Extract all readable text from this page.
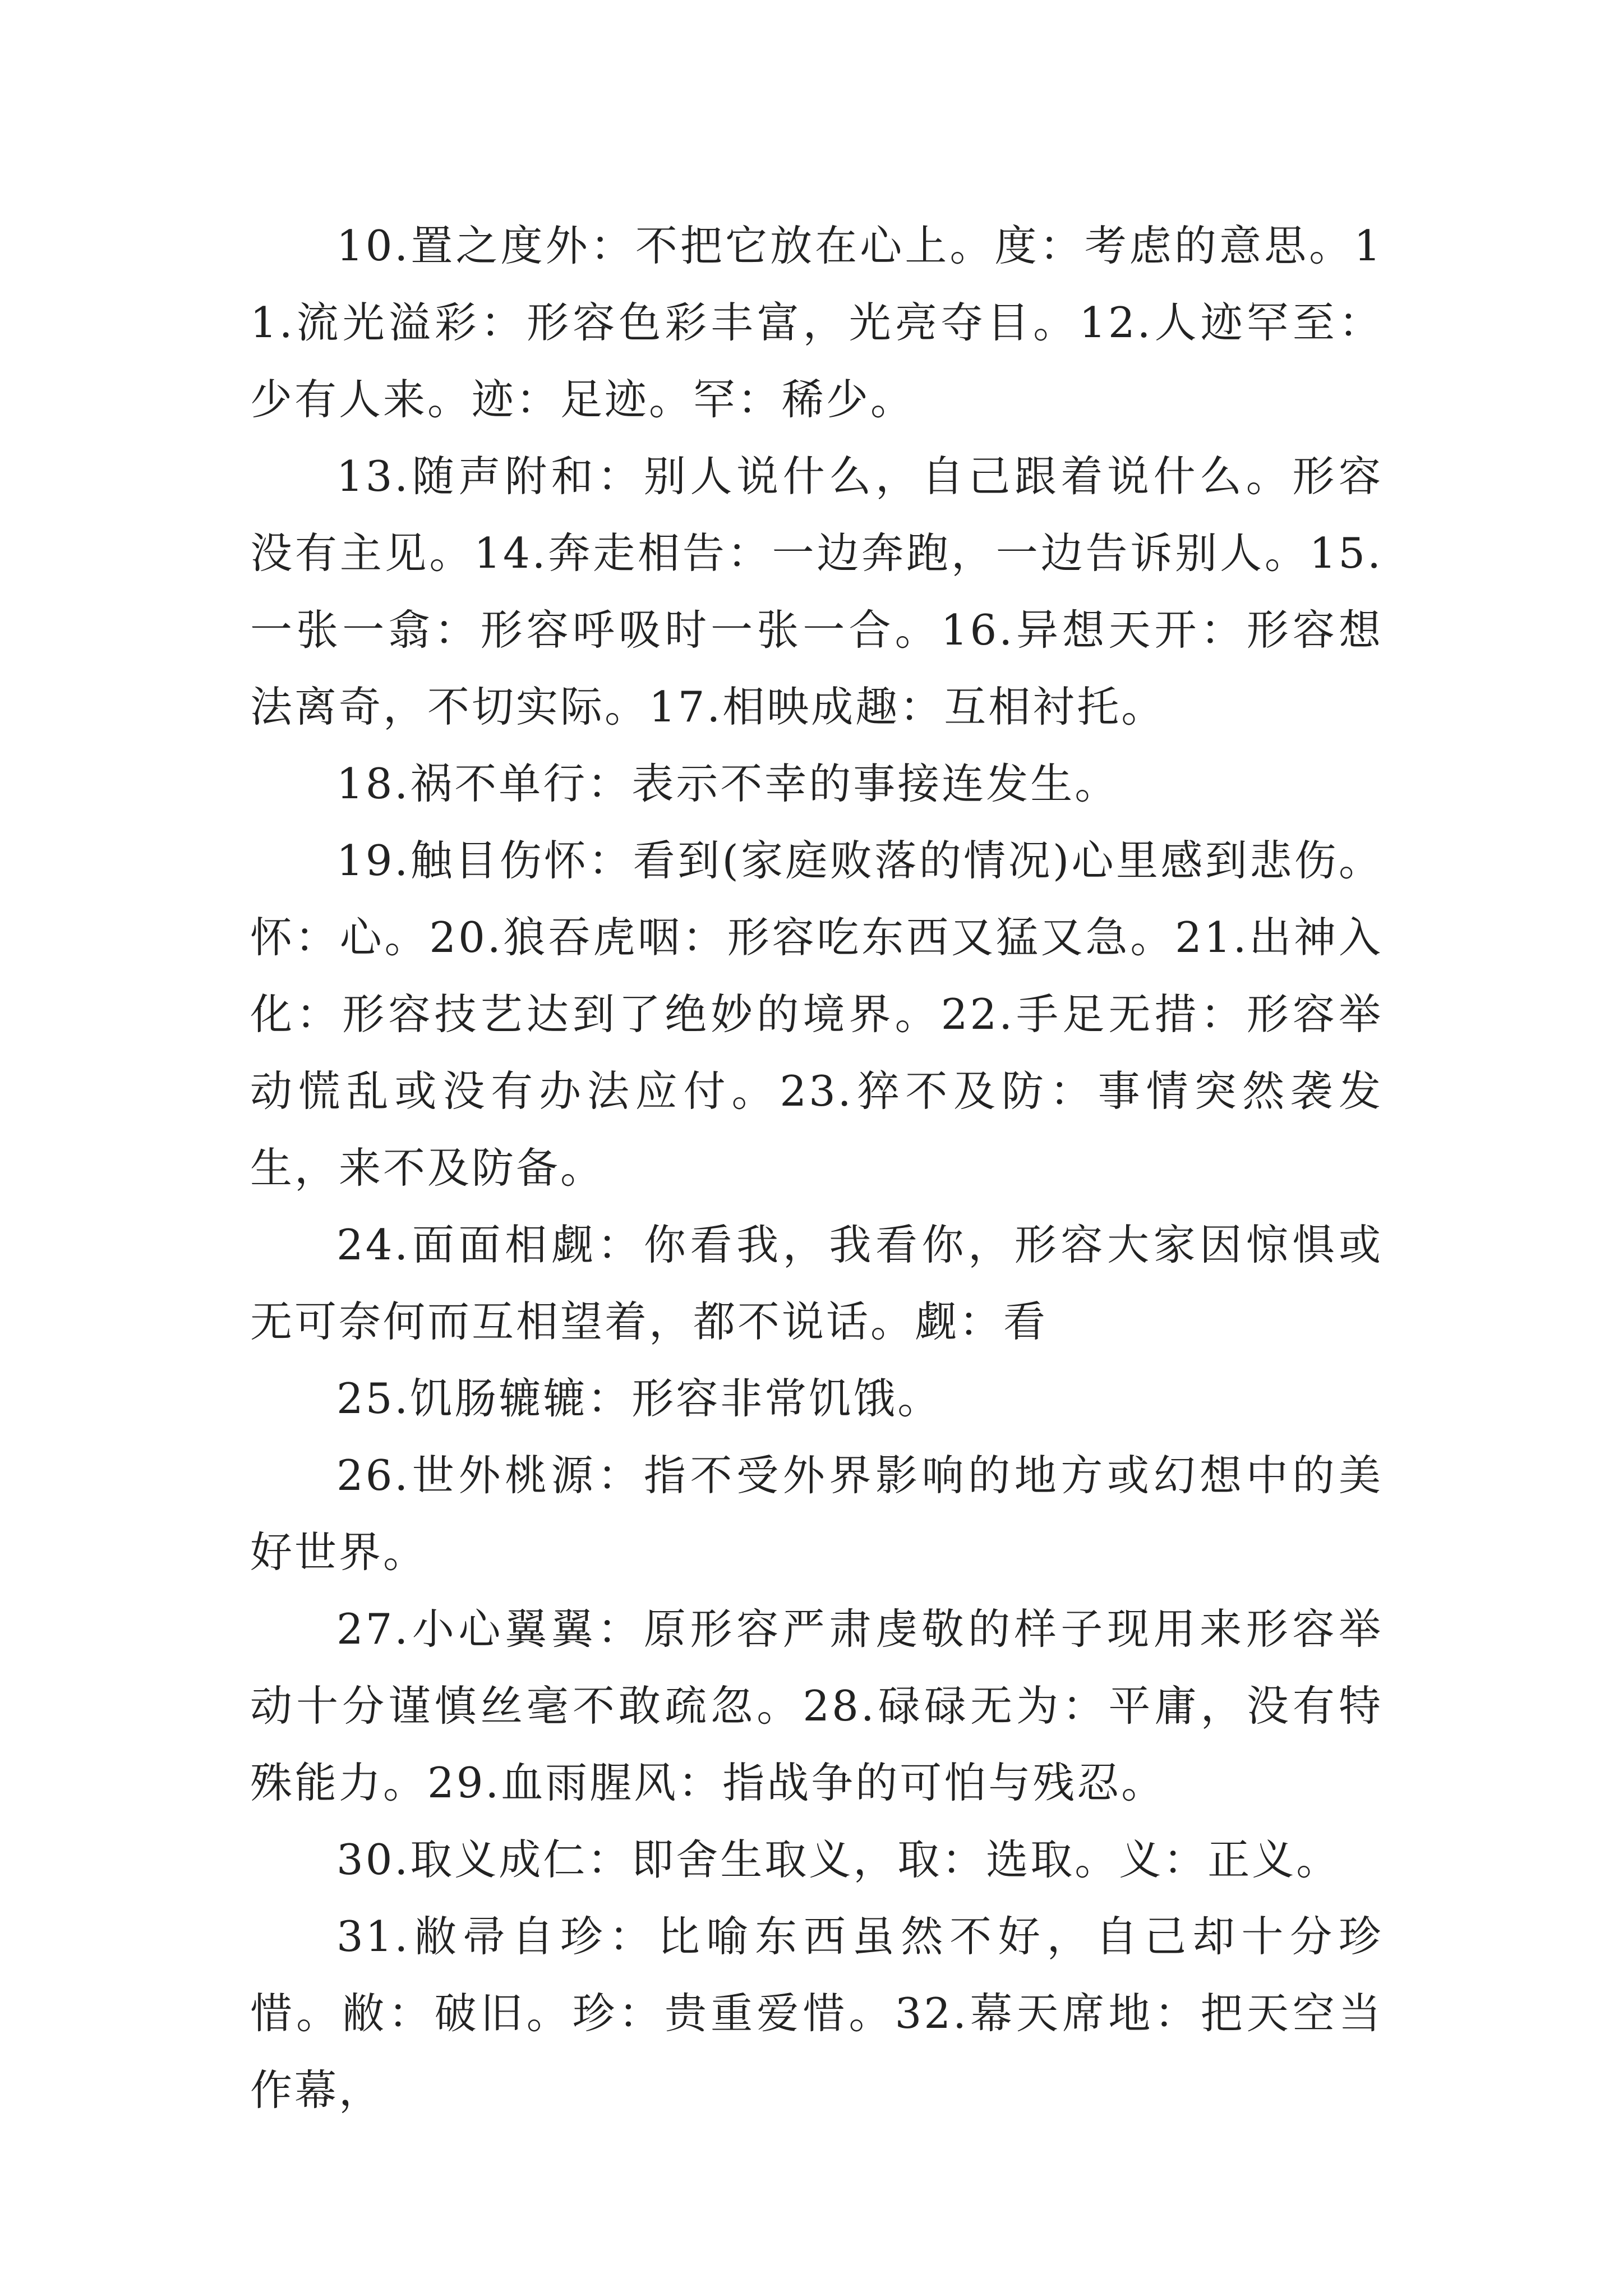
10.置之度外：不把它放在心上。度：考虑的意思。11.流光溢彩：形容色彩丰富，光亮夺目。12.人迹罕至：少有人来。迹：足迹。罕：稀少。

13.随声附和：别人说什么，自己跟着说什么。形容没有主见。14.奔走相告：一边奔跑，一边告诉别人。15.一张一翕：形容呼吸时一张一合。16.异想天开：形容想法离奇，不切实际。17.相映成趣：互相衬托。

18.祸不单行：表示不幸的事接连发生。

19.触目伤怀：看到(家庭败落的情况)心里感到悲伤。怀：心。20.狼吞虎咽：形容吃东西又猛又急。21.出神入化：形容技艺达到了绝妙的境界。22.手足无措：形容举动慌乱或没有办法应付。23.猝不及防：事情突然袭发生，来不及防备。

24.面面相觑：你看我，我看你，形容大家因惊惧或无可奈何而互相望着，都不说话。觑：看

25.饥肠辘辘：形容非常饥饿。

26.世外桃源：指不受外界影响的地方或幻想中的美好世界。

27.小心翼翼：原形容严肃虔敬的样子现用来形容举动十分谨慎丝毫不敢疏忽。28.碌碌无为：平庸，没有特殊能力。29.血雨腥风：指战争的可怕与残忍。

30.取义成仁：即舍生取义，取：选取。义：正义。

31.敝帚自珍：比喻东西虽然不好，自己却十分珍惜。敝：破旧。珍：贵重爱惜。32.幕天席地：把天空当作幕，
